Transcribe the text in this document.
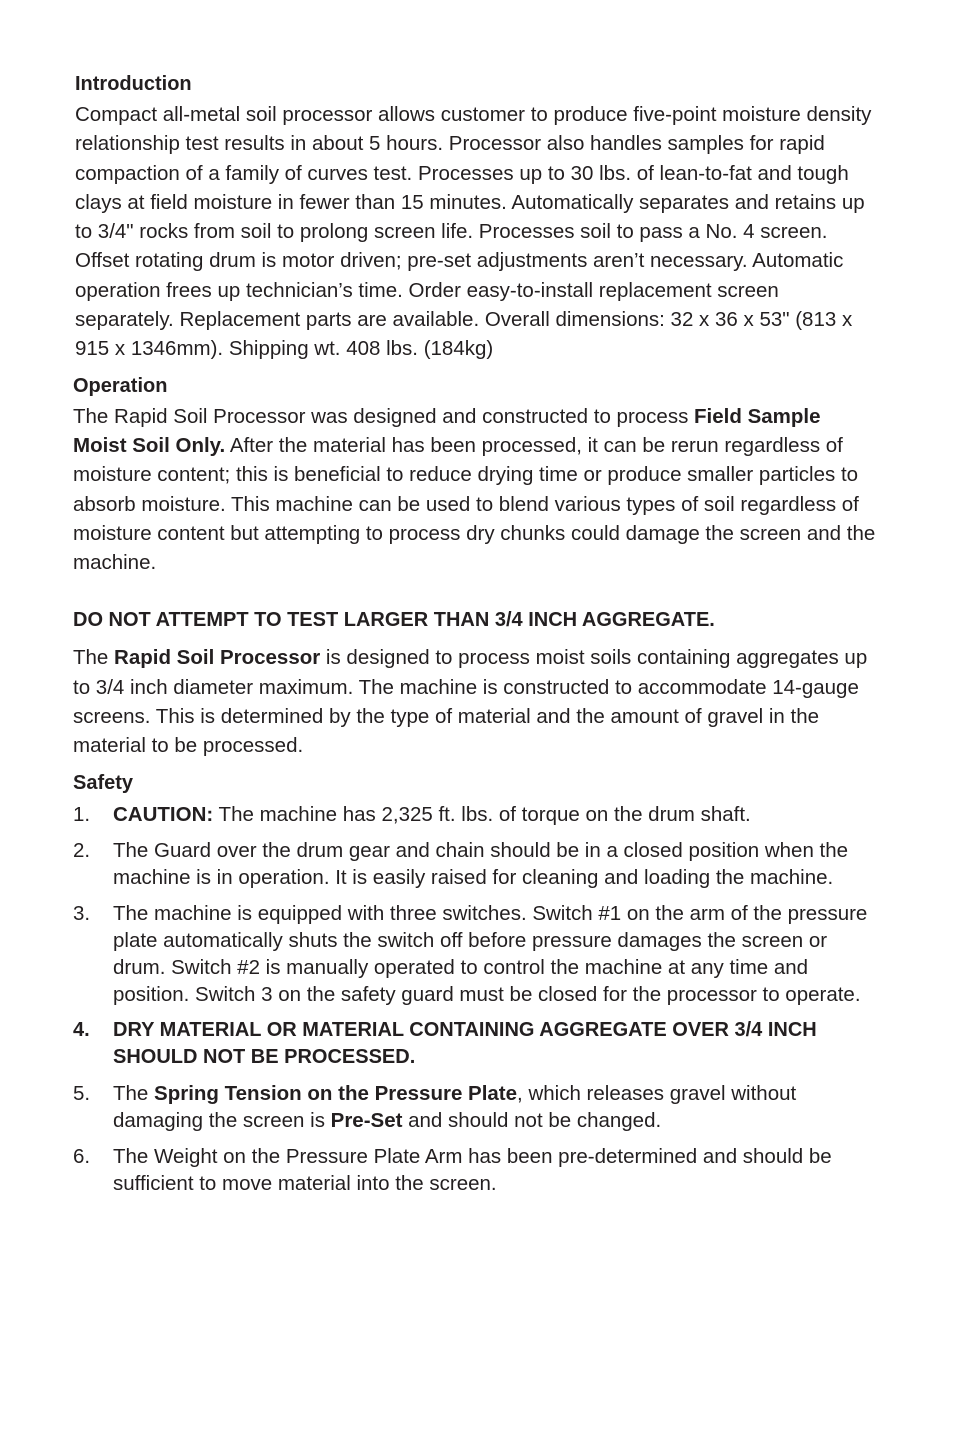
Introduction

Compact all-metal soil processor allows customer to produce five-point moisture density relationship test results in about 5 hours. Processor also handles samples for rapid compaction of a family of curves test. Processes up to 30 lbs. of lean-to-fat and tough clays at field moisture in fewer than 15 minutes. Automatically separates and retains up to 3/4" rocks from soil to prolong screen life. Processes soil to pass a No. 4 screen. Offset rotating drum is motor driven; pre-set adjustments aren’t necessary. Automatic operation frees up technician’s time. Order easy-to-install replacement screen separately. Replacement parts are available. Overall dimensions: 32 x 36 x 53" (813 x 915 x 1346mm). Shipping wt. 408 lbs. (184kg)

Operation

The Rapid Soil Processor was designed and constructed to process Field Sample Moist Soil Only. After the material has been processed, it can be rerun regardless of moisture content; this is beneficial to reduce drying time or produce smaller particles to absorb moisture. This machine can be used to blend various types of soil regardless of moisture content but attempting to process dry chunks could damage the screen and the machine.

DO NOT ATTEMPT TO TEST LARGER THAN 3/4 INCH AGGREGATE.

The Rapid Soil Processor is designed to process moist soils containing aggregates up to 3/4 inch diameter maximum. The machine is constructed to accommodate 14-gauge screens. This is determined by the type of material and the amount of gravel in the material to be processed.

Safety
1. CAUTION: The machine has 2,325 ft. lbs. of torque on the drum shaft.
2. The Guard over the drum gear and chain should be in a closed position when the machine is in operation. It is easily raised for cleaning and loading the machine.
3. The machine is equipped with three switches. Switch #1 on the arm of the pressure plate automatically shuts the switch off before pressure damages the screen or drum. Switch #2 is manually operated to control the machine at any time and position. Switch 3 on the safety guard must be closed for the processor to operate.
4. DRY MATERIAL OR MATERIAL CONTAINING AGGREGATE OVER 3/4 INCH SHOULD NOT BE PROCESSED.
5. The Spring Tension on the Pressure Plate, which releases gravel without damaging the screen is Pre-Set and should not be changed.
6. The Weight on the Pressure Plate Arm has been pre-determined and should be sufficient to move material into the screen.
